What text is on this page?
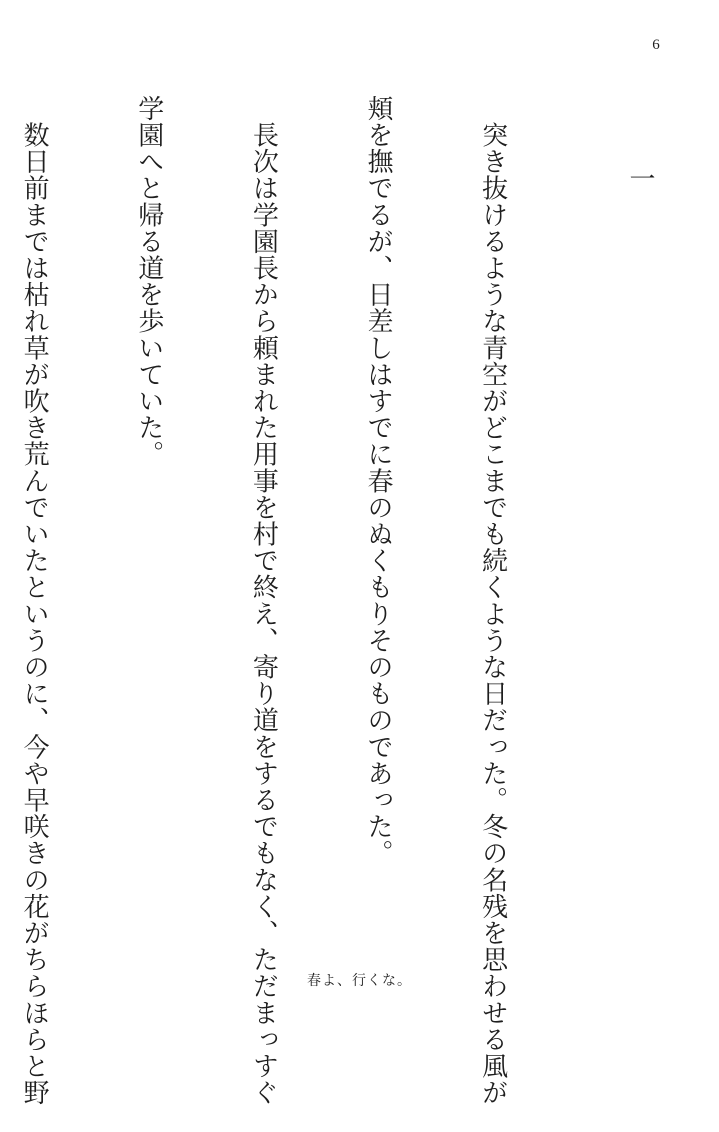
6
一

　突き抜けるような青空がどこまでも続くような日だった。冬の名残を思わせる風が

頬を撫でるが、日差しはすでに春のぬくもりそのものであった。

　長次は学園長から頼まれた用事を村で終え、寄り道をするでもなく、ただまっすぐ

学園へと帰る道を歩いていた。

　数日前までは枯れ草が吹き荒んでいたというのに、今や早咲きの花がちらほらと野

	春よ、行くな。
